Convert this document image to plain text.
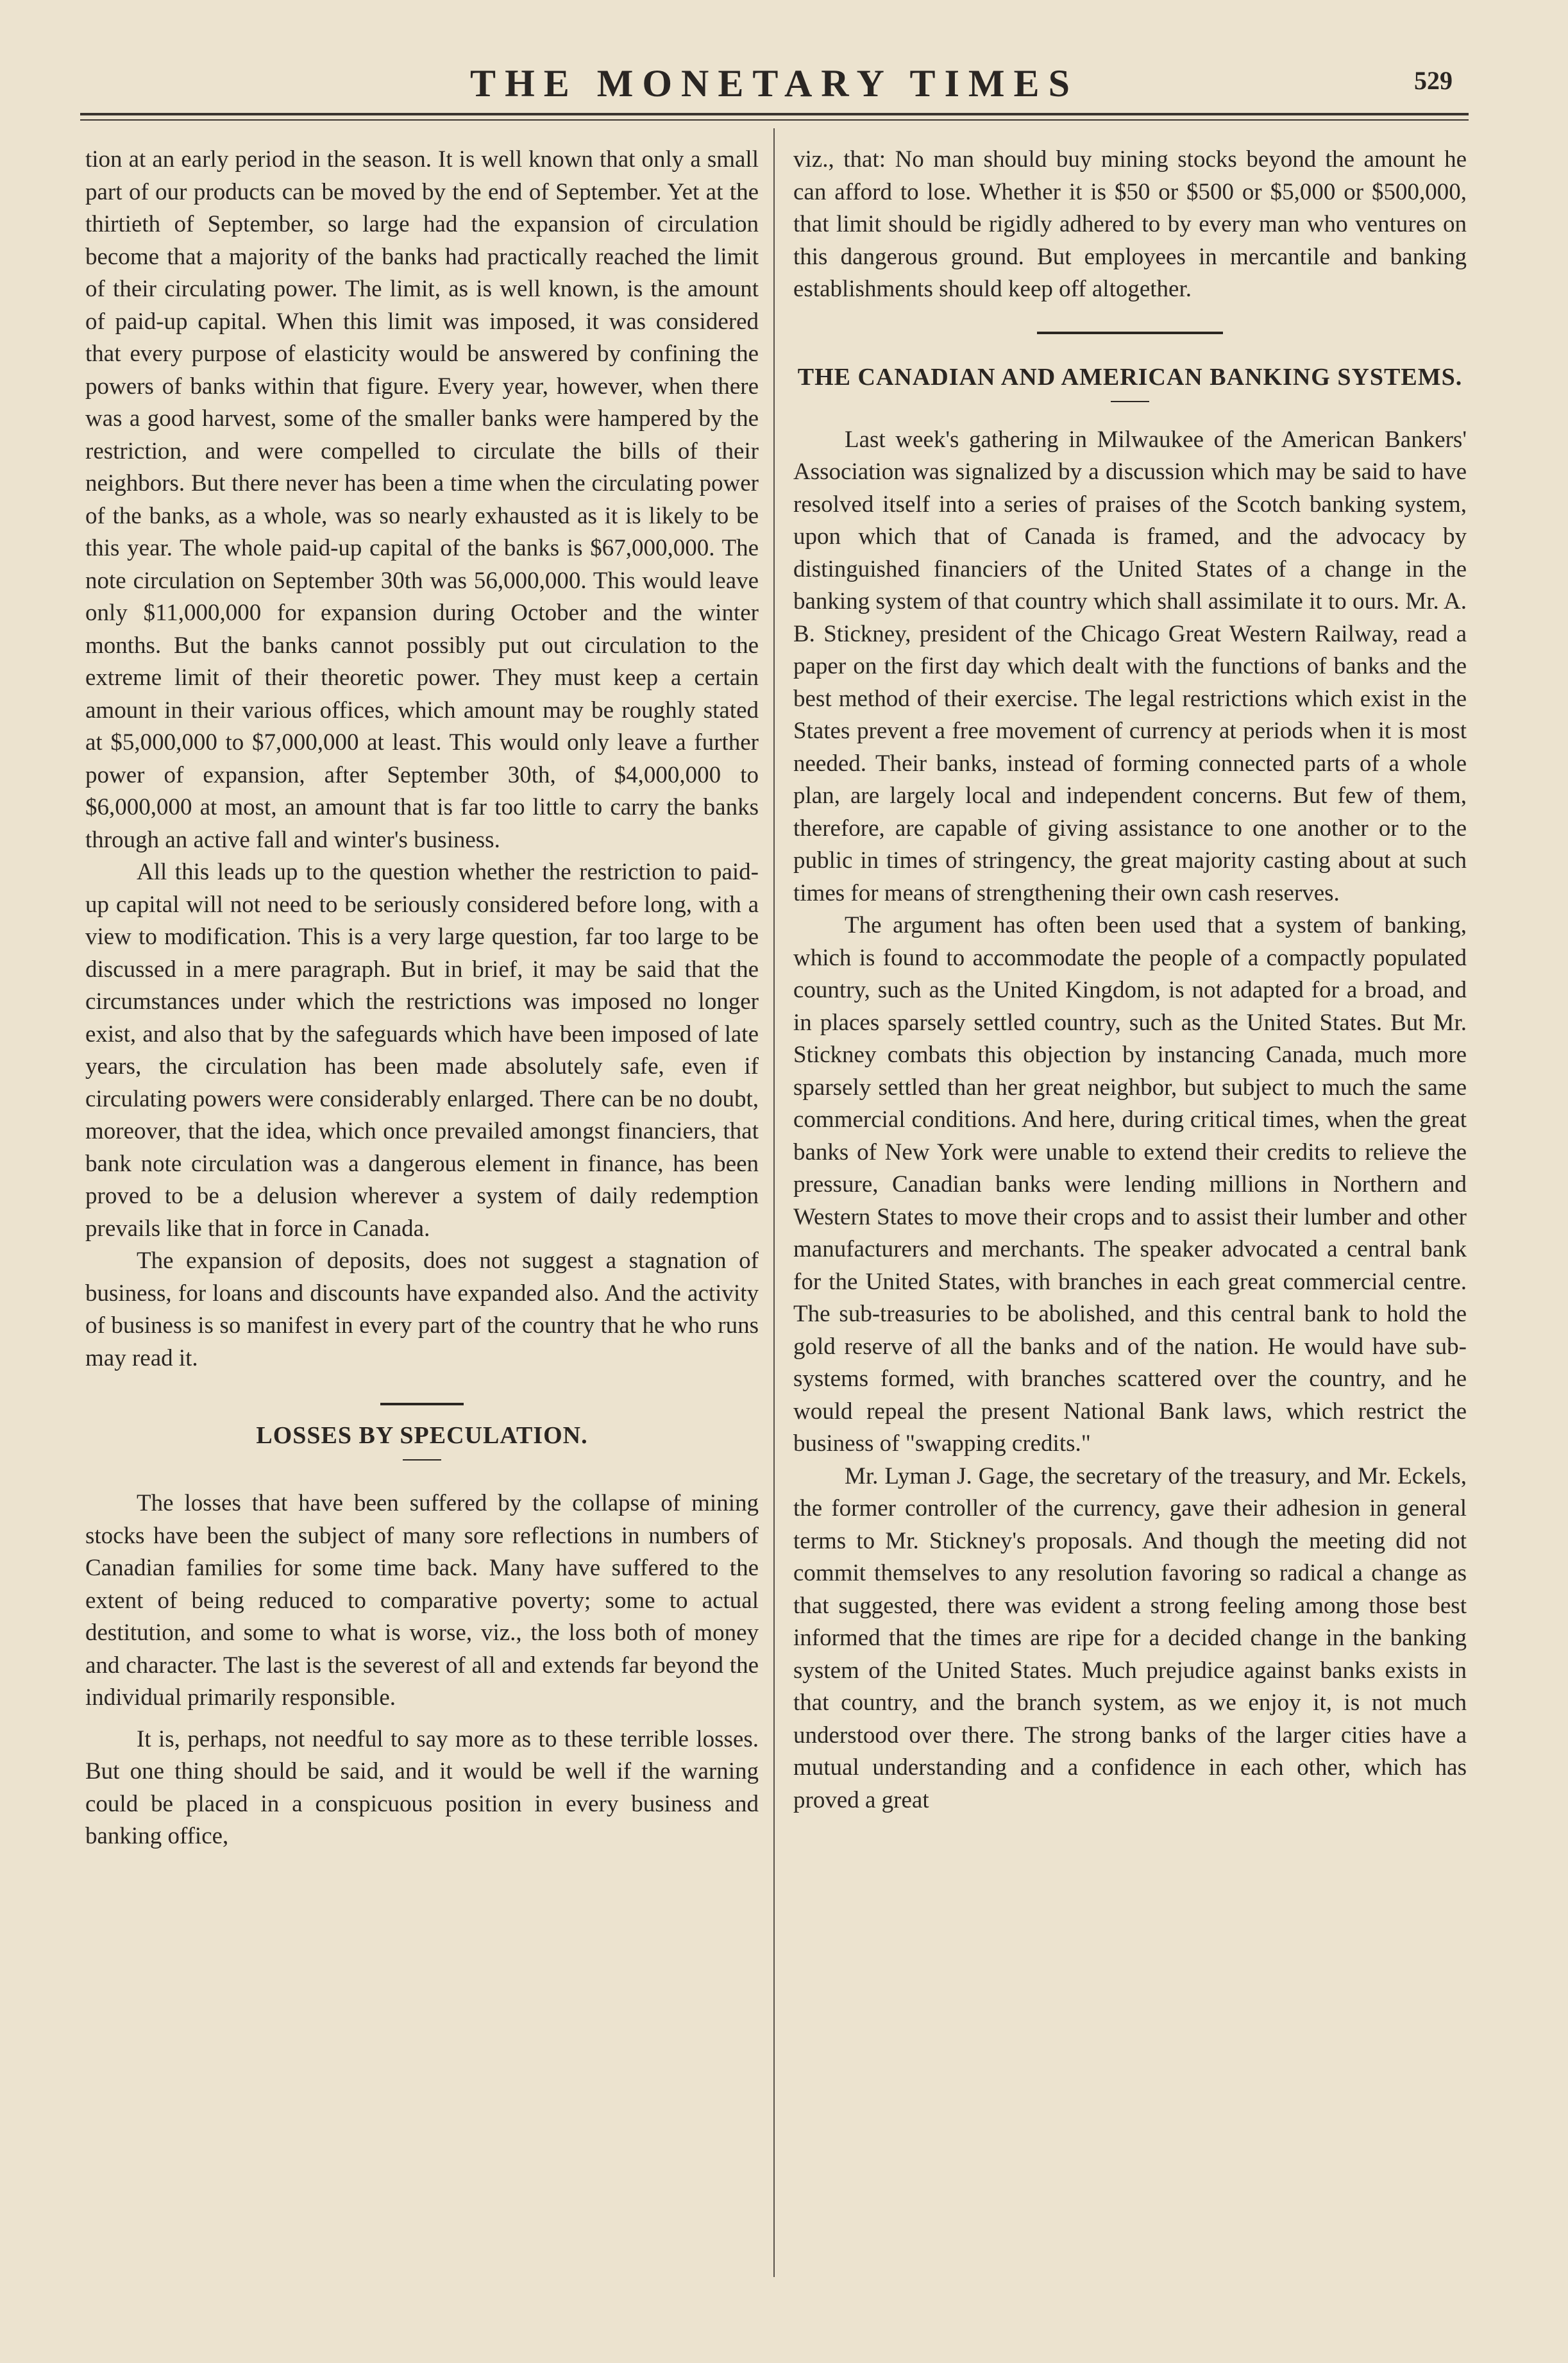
THE MONETARY TIMES	529

tion at an early period in the season. It is well known that only a small part of our products can be moved by the end of September. Yet at the thirtieth of September, so large had the expansion of circulation become that a majority of the banks had practically reached the limit of their circulating power. The limit, as is well known, is the amount of paid-up capital. When this limit was imposed, it was considered that every purpose of elasticity would be answered by confining the powers of banks within that figure. Every year, however, when there was a good harvest, some of the smaller banks were hampered by the restriction, and were compelled to circulate the bills of their neighbors. But there never has been a time when the circulating power of the banks, as a whole, was so nearly exhausted as it is likely to be this year. The whole paid-up capital of the banks is $67,000,000. The note circulation on September 30th was 56,000,000. This would leave only $11,000,000 for expansion during October and the winter months. But the banks cannot possibly put out circulation to the extreme limit of their theoretic power. They must keep a certain amount in their various offices, which amount may be roughly stated at $5,000,000 to $7,000,000 at least. This would only leave a further power of expansion, after September 30th, of $4,000,000 to $6,000,000 at most, an amount that is far too little to carry the banks through an active fall and winter's business.

All this leads up to the question whether the restriction to paid-up capital will not need to be seriously considered before long, with a view to modification. This is a very large question, far too large to be discussed in a mere paragraph. But in brief, it may be said that the circumstances under which the restrictions was imposed no longer exist, and also that by the safeguards which have been imposed of late years, the circulation has been made absolutely safe, even if circulating powers were considerably enlarged. There can be no doubt, moreover, that the idea, which once prevailed amongst financiers, that bank note circulation was a dangerous element in finance, has been proved to be a delusion wherever a system of daily redemption prevails like that in force in Canada.

The expansion of deposits, does not suggest a stagnation of business, for loans and discounts have expanded also. And the activity of business is so manifest in every part of the country that he who runs may read it.

LOSSES BY SPECULATION.

The losses that have been suffered by the collapse of mining stocks have been the subject of many sore reflections in numbers of Canadian families for some time back. Many have suffered to the extent of being reduced to comparative poverty; some to actual destitution, and some to what is worse, viz., the loss both of money and character. The last is the severest of all and extends far beyond the individual primarily responsible.

It is, perhaps, not needful to say more as to these terrible losses. But one thing should be said, and it would be well if the warning could be placed in a conspicuous position in every business and banking office,

viz., that: No man should buy mining stocks beyond the amount he can afford to lose. Whether it is $50 or $500 or $5,000 or $500,000, that limit should be rigidly adhered to by every man who ventures on this dangerous ground. But employees in mercantile and banking establishments should keep off altogether.

THE CANADIAN AND AMERICAN BANKING SYSTEMS.

Last week's gathering in Milwaukee of the American Bankers' Association was signalized by a discussion which may be said to have resolved itself into a series of praises of the Scotch banking system, upon which that of Canada is framed, and the advocacy by distinguished financiers of the United States of a change in the banking system of that country which shall assimilate it to ours. Mr. A. B. Stickney, president of the Chicago Great Western Railway, read a paper on the first day which dealt with the functions of banks and the best method of their exercise. The legal restrictions which exist in the States prevent a free movement of currency at periods when it is most needed. Their banks, instead of forming connected parts of a whole plan, are largely local and independent concerns. But few of them, therefore, are capable of giving assistance to one another or to the public in times of stringency, the great majority casting about at such times for means of strengthening their own cash reserves.

The argument has often been used that a system of banking, which is found to accommodate the people of a compactly populated country, such as the United Kingdom, is not adapted for a broad, and in places sparsely settled country, such as the United States. But Mr. Stickney combats this objection by instancing Canada, much more sparsely settled than her great neighbor, but subject to much the same commercial conditions. And here, during critical times, when the great banks of New York were unable to extend their credits to relieve the pressure, Canadian banks were lending millions in Northern and Western States to move their crops and to assist their lumber and other manufacturers and merchants. The speaker advocated a central bank for the United States, with branches in each great commercial centre. The sub-treasuries to be abolished, and this central bank to hold the gold reserve of all the banks and of the nation. He would have sub-systems formed, with branches scattered over the country, and he would repeal the present National Bank laws, which restrict the business of "swapping credits."

Mr. Lyman J. Gage, the secretary of the treasury, and Mr. Eckels, the former controller of the currency, gave their adhesion in general terms to Mr. Stickney's proposals. And though the meeting did not commit themselves to any resolution favoring so radical a change as that suggested, there was evident a strong feeling among those best informed that the times are ripe for a decided change in the banking system of the United States. Much prejudice against banks exists in that country, and the branch system, as we enjoy it, is not much understood over there. The strong banks of the larger cities have a mutual understanding and a confidence in each other, which has proved a great
